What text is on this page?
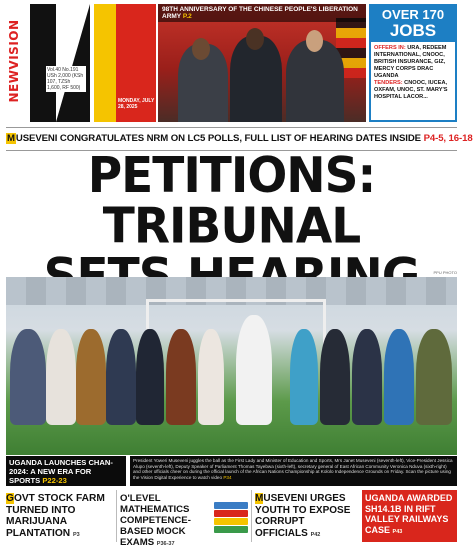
NEWVISION	Vol.40 No.191 USh 2,000 (KSh 107, TZSh 1,600, RF 500)
MONDAY, JULY 28, 2025
98TH ANNIVERSARY OF THE CHINESE PEOPLE'S LIBERATION ARMY P.2	OVER 170
JOBS
OFFERS IN: URA, REDEEM INTERNATIONAL, CNOOC, BRITISH INSURANCE, GIZ, MERCY CORPS DRAC UGANDA
TENDERS: CNOOC, IUCEA, OXFAM, UNOC, ST. MARY'S HOSPITAL LACOR...
MUSEVENI CONGRATULATES NRM ON LC5 POLLS, FULL LIST OF HEARING DATES INSIDE P4-5, 16-18
PETITIONS: TRIBUNAL
PPU PHOTO
UGANDA LAUNCHES CHAN-2024: A NEW ERA FOR SPORTS P22-23
President Yoweri Museveni juggles the ball as the First Lady and Minister of Education and Sports, Mrs Janet Museveni (seventh-left), Vice-President Jessica Alupo (seventh-left), Deputy Speaker of Parliament Thomas Tayebwa (sixth-left), secretary general of East African Community Veronica Nduva (sixth-right) and other officials cheer on during the official launch of the African Nations Championship at Kololo Independence Grounds on Friday. Scan the picture using the Vision Digital Experience to watch video P34
GOVT STOCK FARM TURNED INTO MARIJUANA PLANTATION P3
O'LEVEL MATHEMATICS COMPETENCE-BASED MOCK EXAMS P36-37
MUSEVENI URGES YOUTH TO EXPOSE CORRUPT OFFICIALS P42
UGANDA AWARDED SH14.1B IN RIFT VALLEY RAILWAYS CASE P43
